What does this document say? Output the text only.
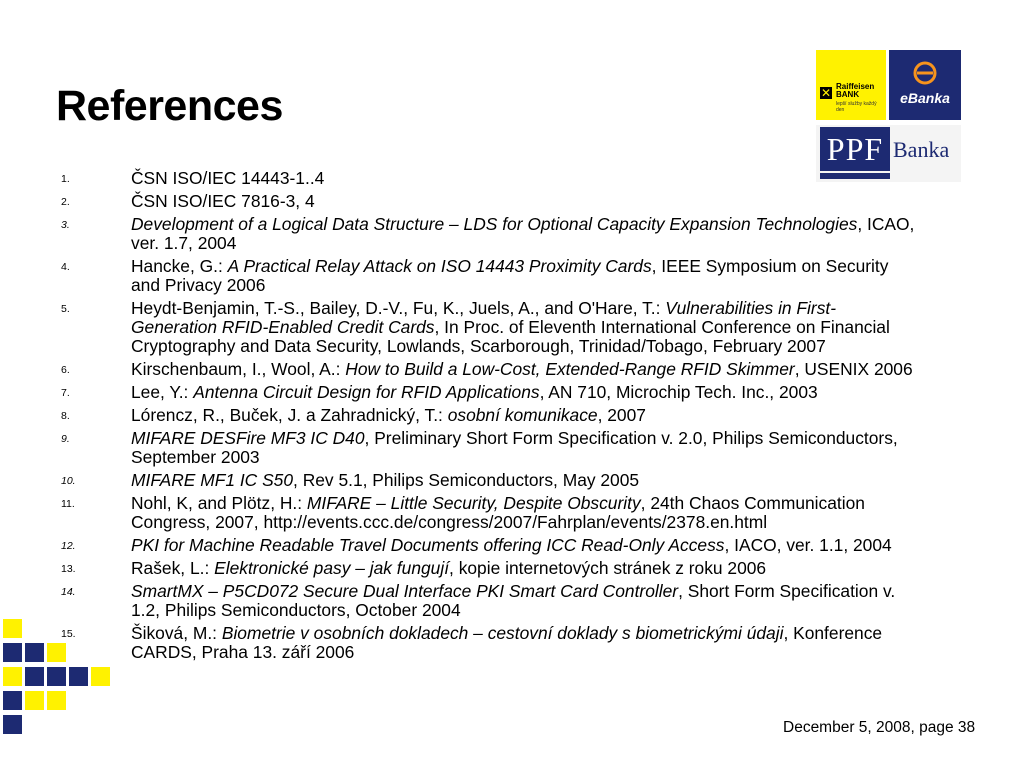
References	✕ Raiffeisen
BANK
lepší služby každý den
eBanka
PPF Banka
1.	ČSN ISO/IEC 14443-1..4
2.	ČSN ISO/IEC 7816-3, 4
3.	Development of a Logical Data Structure – LDS for Optional Capacity Expansion Technologies, ICAO, ver. 1.7, 2004
4.	Hancke, G.: A Practical Relay Attack on ISO 14443 Proximity Cards, IEEE Symposium on Security and Privacy 2006
5.	Heydt-Benjamin, T.-S., Bailey, D.-V., Fu, K., Juels, A., and O'Hare, T.: Vulnerabilities in First-Generation RFID-Enabled Credit Cards, In Proc. of Eleventh International Conference on Financial Cryptography and Data Security, Lowlands, Scarborough, Trinidad/Tobago, February 2007
6.	Kirschenbaum, I., Wool, A.: How to Build a Low-Cost, Extended-Range RFID Skimmer, USENIX 2006
7.	Lee, Y.: Antenna Circuit Design for RFID Applications, AN 710, Microchip Tech. Inc., 2003
8.	Lórencz, R., Buček, J. a Zahradnický, T.: osobní komunikace, 2007
9.	MIFARE DESFire MF3 IC D40, Preliminary Short Form Specification v. 2.0, Philips Semiconductors, September 2003
10.	MIFARE MF1 IC S50, Rev 5.1, Philips Semiconductors, May 2005
11.	Nohl, K, and Plötz, H.: MIFARE – Little Security, Despite Obscurity, 24th Chaos Communication Congress, 2007, http://events.ccc.de/congress/2007/Fahrplan/events/2378.en.html
12.	PKI for Machine Readable Travel Documents offering ICC Read-Only Access, IACO, ver. 1.1, 2004
13.	Rašek, L.: Elektronické pasy – jak fungují, kopie internetových stránek z roku 2006
14.	SmartMX – P5CD072 Secure Dual Interface PKI Smart Card Controller, Short Form Specification v. 1.2, Philips Semiconductors, October 2004
15.	Šiková, M.: Biometrie v osobních dokladech – cestovní doklady s biometrickými údaji, Konference CARDS, Praha 13. září 2006
December 5, 2008, page 38
